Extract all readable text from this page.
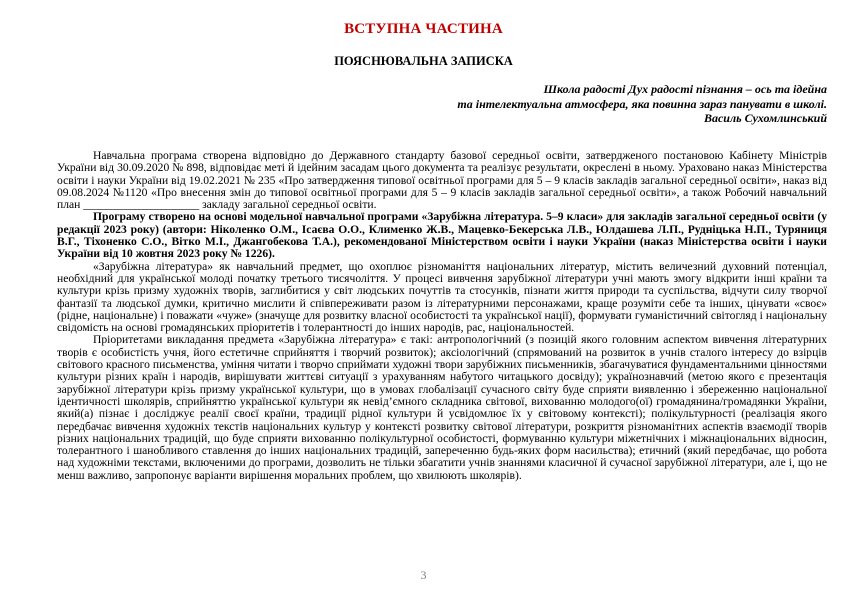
ВСТУПНА ЧАСТИНА
ПОЯСНЮВАЛЬНА ЗАПИСКА
Школа радості Дух радості пізнання – ось та ідейна
та інтелектуальна атмосфера, яка повинна зараз панувати в школі.
Василь Сухомлинський

Навчальна програма створена відповідно до Державного стандарту базової середньої освіти, затвердженого постановою Кабінету Міністрів України від 30.09.2020 № 898, відповідає меті й ідейним засадам цього документа та реалізує результати, окреслені в ньому. Ураховано наказ Міністерства освіти і науки України від 19.02.2021 № 235 «Про затвердження типової освітньої програми для 5 – 9 класів закладів загальної середньої освіти», наказ від 09.08.2024 №1120 «Про внесення змін до типової освітньої програми для 5 – 9 класів закладів загальної середньої освіти», а також Робочий навчальний план ____________________ закладу загальної середньої освіти.

Програму створено на основі модельної навчальної програми «Зарубіжна література. 5–9 класи» для закладів загальної середньої освіти (у редакції 2023 року) (автори: Ніколенко О.М., Ісаєва О.О., Клименко Ж.В., Мацевко-Бекерська Л.В., Юлдашева Л.П., Рудніцька Н.П., Туряниця В.Г., Тіхоненко С.О., Вітко М.І., Джангобекова Т.А.), рекомендованої Міністерством освіти і науки України (наказ Міністерства освіти і науки України від 10 жовтня 2023 року № 1226).

«Зарубіжна література» як навчальний предмет, що охоплює різноманіття національних літератур, містить величезний духовний потенціал, необхідний для української молоді початку третього тисячоліття. У процесі вивчення зарубіжної літератури учні мають змогу відкрити інші країни та культури крізь призму художніх творів, заглибитися у світ людських почуттів та стосунків, пізнати життя природи та суспільства, відчути силу творчої фантазії та людської думки, критично мислити й співпереживати разом із літературними персонажами, краще розуміти себе та інших, цінувати «своє» (рідне, національне) і поважати «чуже» (значуще для розвитку власної особистості та української нації), формувати гуманістичний світогляд і національну свідомість на основі громадянських пріоритетів і толерантності до інших народів, рас, національностей.

Пріоритетами викладання предмета «Зарубіжна література» є такі: антропологічний (з позицій якого головним аспектом вивчення літературних творів є особистість учня, його естетичне сприйняття і творчий розвиток); аксіологічний (спрямований на розвиток в учнів сталого інтересу до взірців світового красного письменства, уміння читати і творчо сприймати художні твори зарубіжних письменників, збагачуватися фундаментальними цінностями культури різних країн і народів, вирішувати життєві ситуації з урахуванням набутого читацького досвіду); українознавчий (метою якого є презентація зарубіжної літератури крізь призму української культури, що в умовах глобалізації сучасного світу буде сприяти виявленню і збереженню національної ідентичності школярів, сприйняттю української культури як невід’ємного складника світової, вихованню молодого(ої) громадянина/громадянки України, який(а) пізнає і досліджує реалії своєї країни, традиції рідної культури й усвідомлює їх у світовому контексті); полікультурності (реалізація якого передбачає вивчення художніх текстів національних культур у контексті розвитку світової літератури, розкриття різноманітних аспектів взаємодії творів різних національних традицій, що буде сприяти вихованню полікультурної особистості, формуванню культури міжетнічних і міжнаціональних відносин, толерантного і шанобливого ставлення до інших національних традицій, запереченню будь-яких форм насильства); етичний (який передбачає, що робота над художніми текстами, включеними до програми, дозволить не тільки збагатити учнів знаннями класичної й сучасної зарубіжної літератури, але і, що не менш важливо, запропонує варіанти вирішення моральних проблем, що хвилюють школярів).

3
